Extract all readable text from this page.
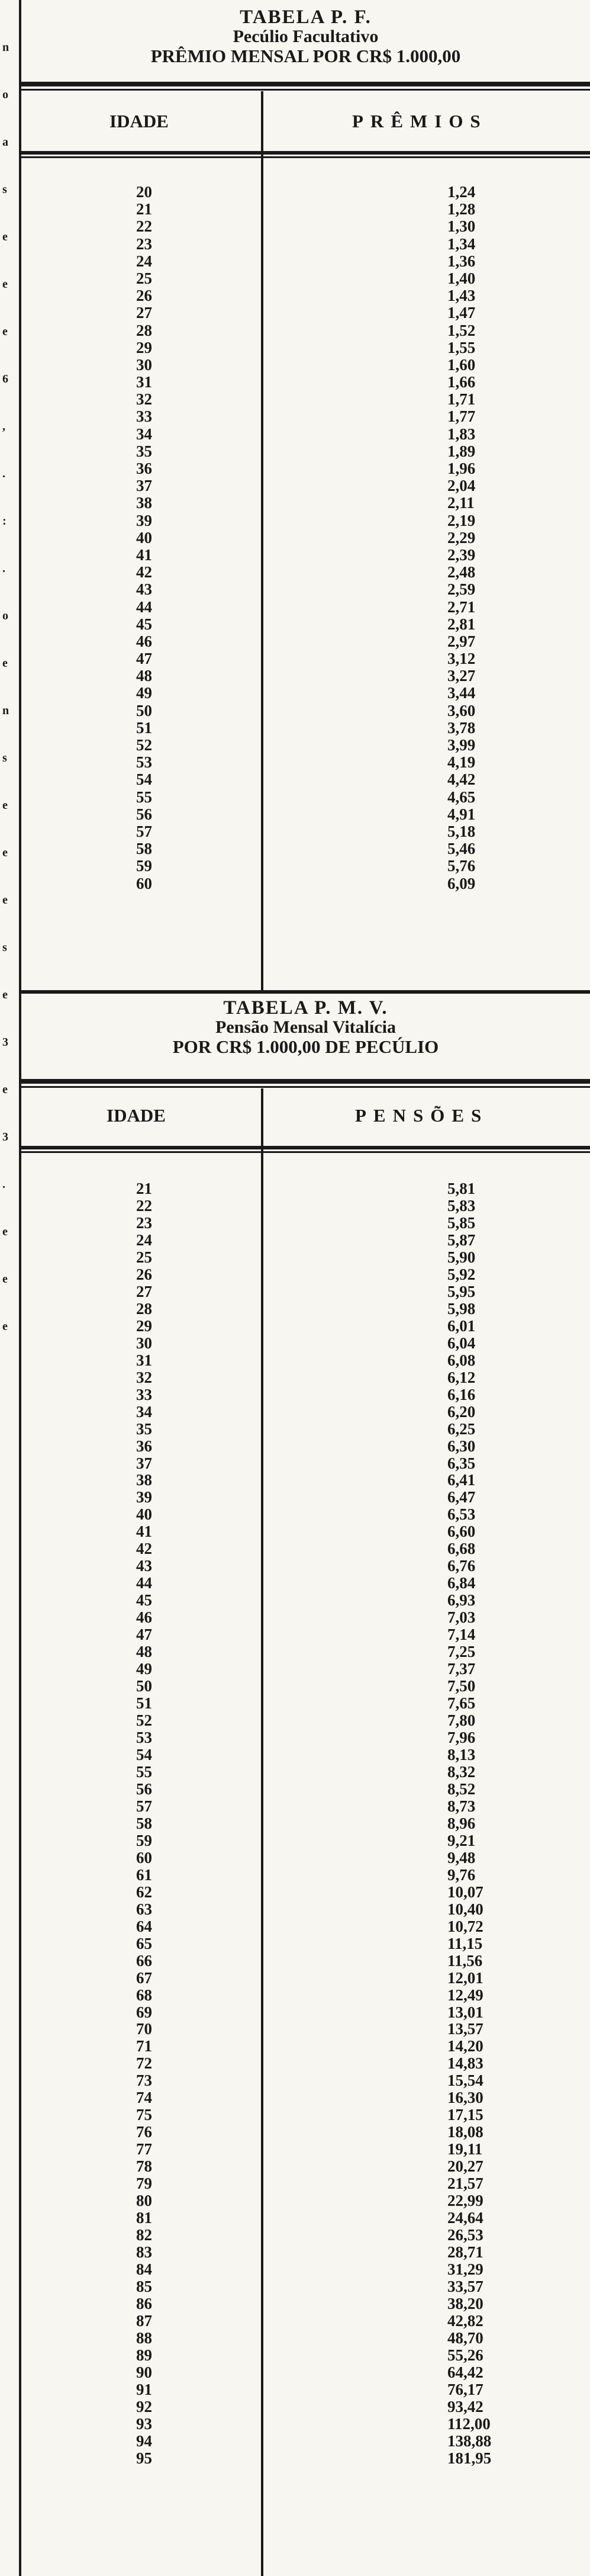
n
o
a
s
e
e
e
6
,
.
:
.
o
e
n
s
e
e
e
s
e
3
e
3
.
e
e
e
TABELA P. F.
Pecúlio Facultativo
PRÊMIO MENSAL POR CR$ 1.000,00
IDADE	PRÊMIOS
20	1,24
21	1,28
22	1,30
23	1,34
24	1,36
25	1,40
26	1,43
27	1,47
28	1,52
29	1,55
30	1,60
31	1,66
32	1,71
33	1,77
34	1,83
35	1,89
36	1,96
37	2,04
38	2,11
39	2,19
40	2,29
41	2,39
42	2,48
43	2,59
44	2,71
45	2,81
46	2,97
47	3,12
48	3,27
49	3,44
50	3,60
51	3,78
52	3,99
53	4,19
54	4,42
55	4,65
56	4,91
57	5,18
58	5,46
59	5,76
60	6,09
TABELA P. M. V.
Pensão Mensal Vitalícia
POR CR$ 1.000,00 DE PECÚLIO
IDADE	PENSÕES
21	5,81
22	5,83
23	5,85
24	5,87
25	5,90
26	5,92
27	5,95
28	5,98
29	6,01
30	6,04
31	6,08
32	6,12
33	6,16
34	6,20
35	6,25
36	6,30
37	6,35
38	6,41
39	6,47
40	6,53
41	6,60
42	6,68
43	6,76
44	6,84
45	6,93
46	7,03
47	7,14
48	7,25
49	7,37
50	7,50
51	7,65
52	7,80
53	7,96
54	8,13
55	8,32
56	8,52
57	8,73
58	8,96
59	9,21
60	9,48
61	9,76
62	10,07
63	10,40
64	10,72
65	11,15
66	11,56
67	12,01
68	12,49
69	13,01
70	13,57
71	14,20
72	14,83
73	15,54
74	16,30
75	17,15
76	18,08
77	19,11
78	20,27
79	21,57
80	22,99
81	24,64
82	26,53
83	28,71
84	31,29
85	33,57
86	38,20
87	42,82
88	48,70
89	55,26
90	64,42
91	76,17
92	93,42
93	112,00
94	138,88
95	181,95
